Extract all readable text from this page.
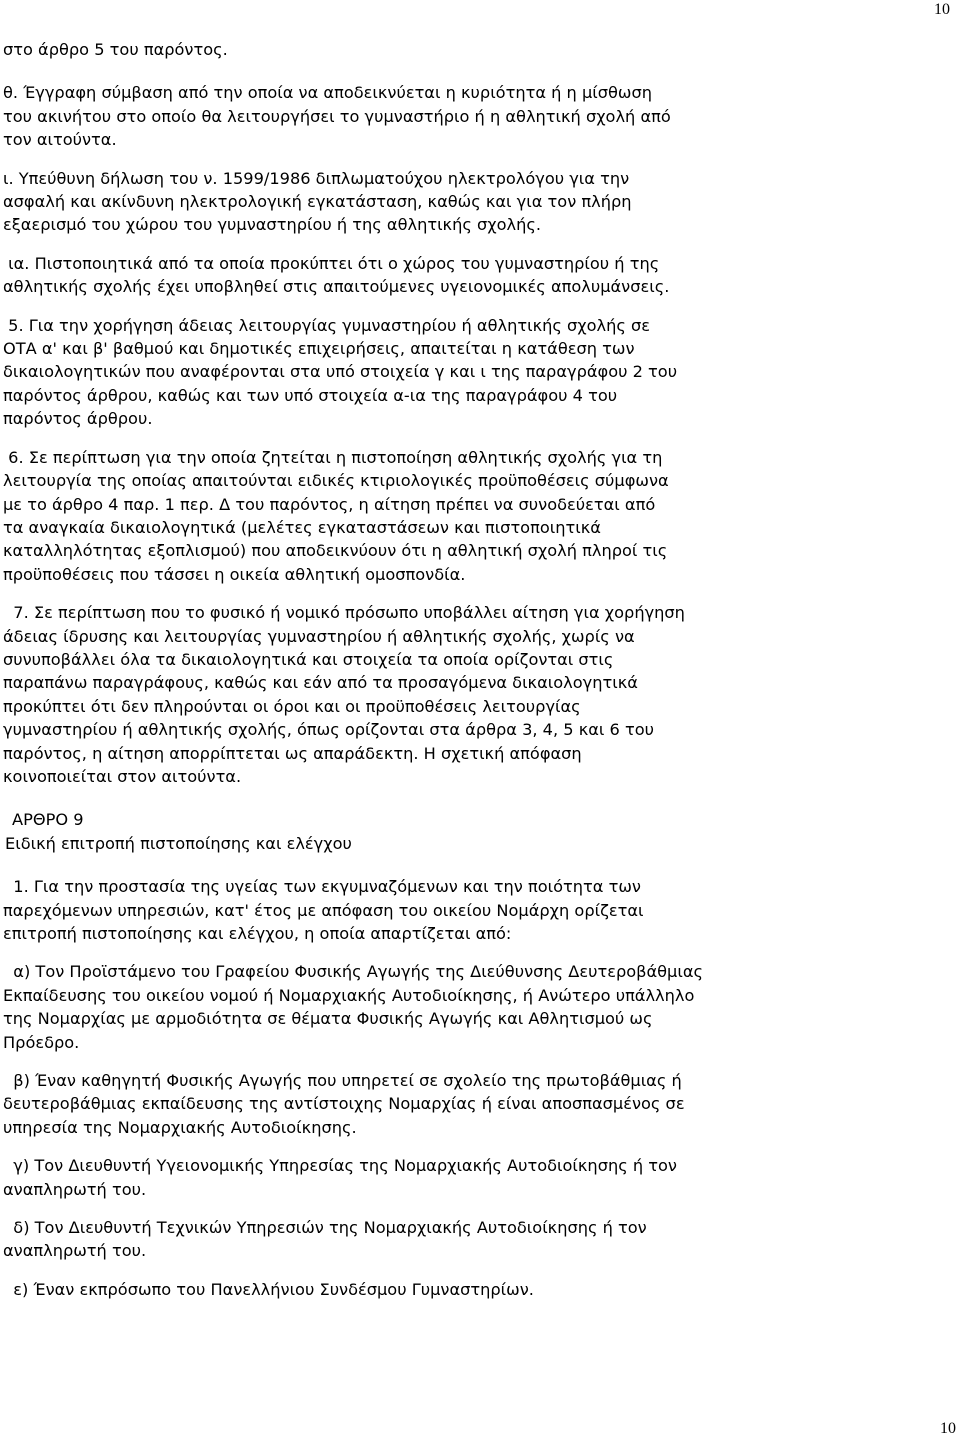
10

στο άρθρο 5 του παρόντος.

θ. Έγγραφη σύμβαση από την οποία να αποδεικνύεται η κυριότητα ή η μίσθωση
του ακινήτου στο οποίο θα λειτουργήσει το γυμναστήριο ή η αθλητική σχολή από
τον αιτούντα.

ι. Υπεύθυνη δήλωση του ν. 1599/1986 διπλωματούχου ηλεκτρολόγου για την
ασφαλή και ακίνδυνη ηλεκτρολογική εγκατάσταση, καθώς και για τον πλήρη
εξαερισμό του χώρου του γυμναστηρίου ή της αθλητικής σχολής.

ια. Πιστοποιητικά από τα οποία προκύπτει ότι ο χώρος του γυμναστηρίου ή της
αθλητικής σχολής έχει υποβληθεί στις απαιτούμενες υγειονομικές απολυμάνσεις.

5. Για την χορήγηση άδειας λειτουργίας γυμναστηρίου ή αθλητικής σχολής σε
ΟΤΑ α' και β' βαθμού και δημοτικές επιχειρήσεις, απαιτείται η κατάθεση των
δικαιολογητικών που αναφέρονται στα υπό στοιχεία γ και ι της παραγράφου 2 του
παρόντος άρθρου, καθώς και των υπό στοιχεία α-ια της παραγράφου 4 του
παρόντος άρθρου.

6. Σε περίπτωση για την οποία ζητείται η πιστοποίηση αθλητικής σχολής για τη
λειτουργία της οποίας απαιτούνται ειδικές κτιριολογικές προϋποθέσεις σύμφωνα
με το άρθρο 4 παρ. 1 περ. Δ του παρόντος, η αίτηση πρέπει να συνοδεύεται από
τα αναγκαία δικαιολογητικά (μελέτες εγκαταστάσεων και πιστοποιητικά
καταλληλότητας εξοπλισμού) που αποδεικνύουν ότι η αθλητική σχολή πληροί τις
προϋποθέσεις που τάσσει η οικεία αθλητική ομοσπονδία.

7. Σε περίπτωση που το φυσικό ή νομικό πρόσωπο υποβάλλει αίτηση για χορήγηση
άδειας ίδρυσης και λειτουργίας γυμναστηρίου ή αθλητικής σχολής, χωρίς να
συνυποβάλλει όλα τα δικαιολογητικά και στοιχεία τα οποία ορίζονται στις
παραπάνω παραγράφους, καθώς και εάν από τα προσαγόμενα δικαιολογητικά
προκύπτει ότι δεν πληρούνται οι όροι και οι προϋποθέσεις λειτουργίας
γυμναστηρίου ή αθλητικής σχολής, όπως ορίζονται στα άρθρα 3, 4, 5 και 6 του
παρόντος, η αίτηση απορρίπτεται ως απαράδεκτη. Η σχετική απόφαση
κοινοποιείται στον αιτούντα.

ΑΡΘΡΟ 9

Ειδική επιτροπή πιστοποίησης και ελέγχου

1. Για την προστασία της υγείας των εκγυμναζόμενων και την ποιότητα των
παρεχόμενων υπηρεσιών, κατ' έτος με απόφαση του οικείου Νομάρχη ορίζεται
επιτροπή πιστοποίησης και ελέγχου, η οποία απαρτίζεται από:

α) Τον Προϊστάμενο του Γραφείου Φυσικής Αγωγής της Διεύθυνσης Δευτεροβάθμιας
Εκπαίδευσης του οικείου νομού ή Νομαρχιακής Αυτοδιοίκησης, ή Ανώτερο υπάλληλο
της Νομαρχίας με αρμοδιότητα σε θέματα Φυσικής Αγωγής και Αθλητισμού ως
Πρόεδρο.

β) Έναν καθηγητή Φυσικής Αγωγής που υπηρετεί σε σχολείο της πρωτοβάθμιας ή
δευτεροβάθμιας εκπαίδευσης της αντίστοιχης Νομαρχίας ή είναι αποσπασμένος σε
υπηρεσία της Νομαρχιακής Αυτοδιοίκησης.

γ) Τον Διευθυντή Υγειονομικής Υπηρεσίας της Νομαρχιακής Αυτοδιοίκησης ή τον
αναπληρωτή του.

δ) Τον Διευθυντή Τεχνικών Υπηρεσιών της Νομαρχιακής Αυτοδιοίκησης ή τον
αναπληρωτή του.

ε) Έναν εκπρόσωπο του Πανελλήνιου Συνδέσμου Γυμναστηρίων.

10
